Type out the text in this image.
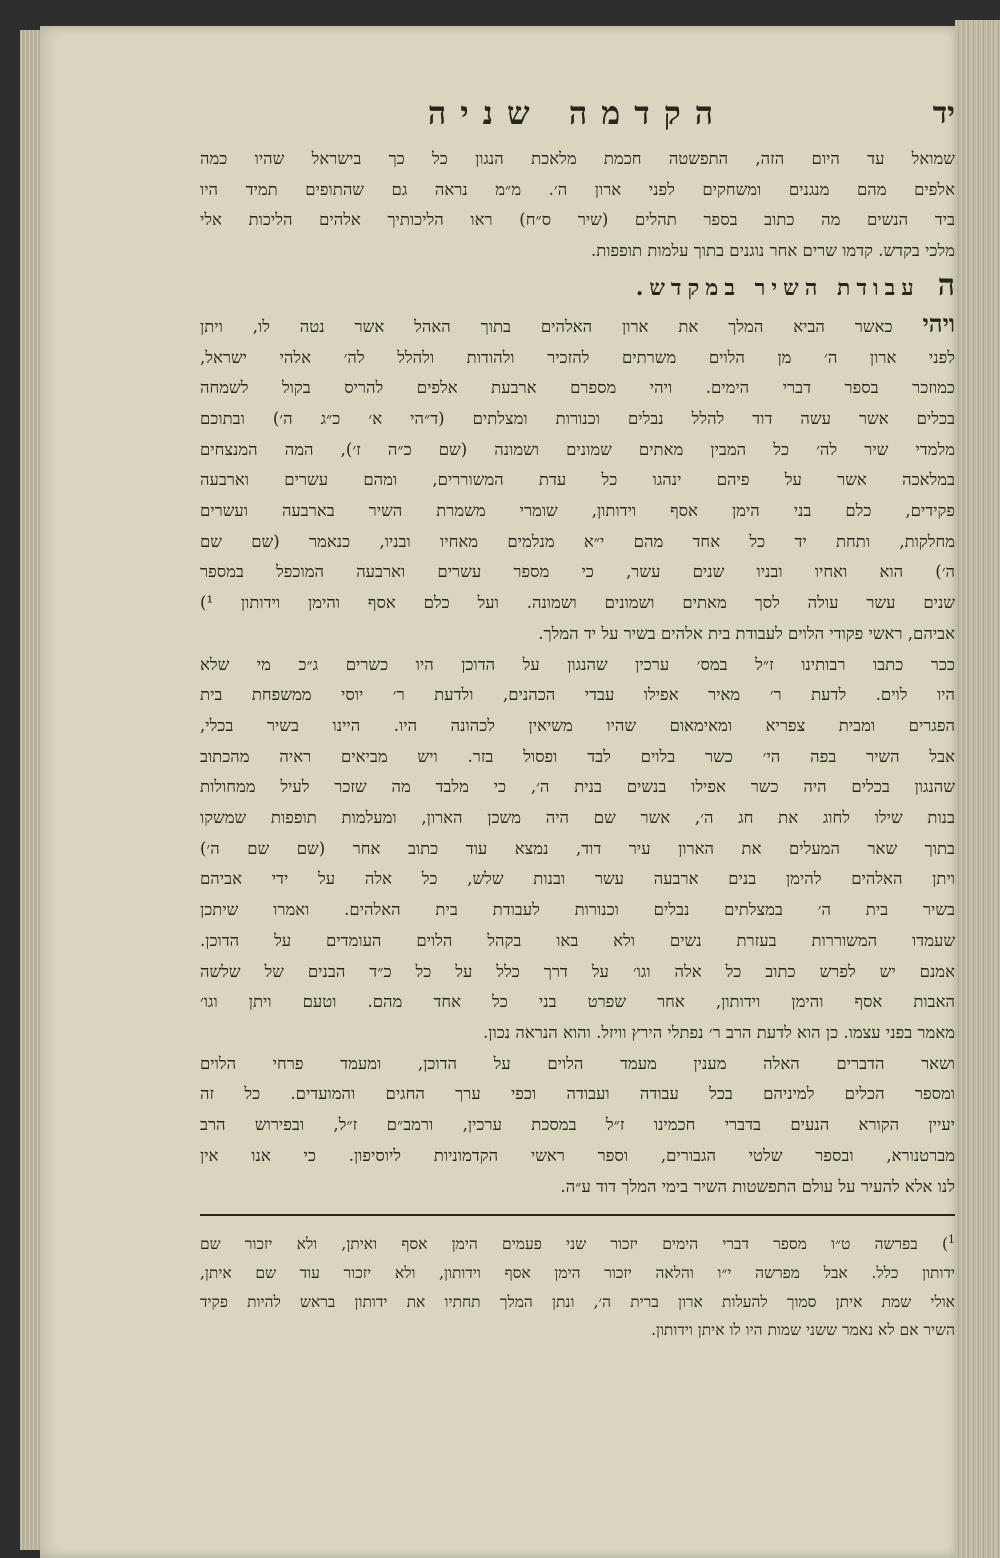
יד
הקדמה שניה
שמואל עד היום הזה, התפשטה חכמת מלאכת הנגון כל כך בישראל שהיו כמה
אלפים מהם מנגנים ומשחקים לפני ארון ה׳. מ״מ נראה גם שהתופים תמיד היו
ביד הנשים מה כתוב בספר תהלים (שיר ס״ח) ראו הליכותיך אלהים הליכות אלי
מלכי בקדש. קדמו שרים אחר נוגנים בתוך עלמות תופפות.
העבודת השיר במקדש.
ויהי כאשר הביא המלך את ארון האלהים בתוך האהל אשר נטה לו, ויתן
לפני ארון ה׳ מן הלוים משרתים להזכיר ולהודות ולהלל לה׳ אלהי ישראל,
כמוזכר בספר דברי הימים. ויהי מספרם ארבעת אלפים להריס בקול לשמחה
בכלים אשר עשה דוד להלל נבלים וכנורות ומצלתים (ד״הי א׳ כ״ג ה׳) ובתוכם
מלמדי שיר לה׳ כל המבין מאתים שמונים ושמונה (שם כ״ה ז׳), המה המנצחים
במלאכה אשר על פיהם ינהגו כל עדת המשוררים, ומהם עשרים וארבעה
פקידים, כלם בני הימן אסף וידותון, שומרי משמרת השיר בארבעה ועשרים
מחלקות, ותחת יד כל אחד מהם י״א מנלמים מאחיו ובניו, כנאמר (שם שם
ה׳) הוא ואחיו ובניו שנים עשר, כי מספר עשרים וארבעה המוכפל במספר
שנים עשר עולה לסך מאתים ושמונים ושמונה. ועל כלם אסף והימן וידותון ¹)
אביהם, ראשי פקודי הלוים לעבודת בית אלהים בשיר על יד המלך.
ככר כתבו רבותינו ז״ל במס׳ ערכין שהנגון על הדוכן היו כשרים ג״כ מי שלא
היו לוים. לדעת ר׳ מאיר אפילו עבדי הכהנים, ולדעת ר׳ יוסי ממשפחת בית
הפגרים ומבית צפריא ומאימאום שהיו משיאין לכהונה היו. היינו בשיר בכלי,
אבל השיר בפה הי׳ כשר בלוים לבד ופסול בזר. ויש מביאים ראיה מהכתוב
שהנגון בכלים היה כשר אפילו בנשים בנית ה׳, כי מלבד מה שזכר לעיל ממחולות
בנות שילו לחוג את חג ה׳, אשר שם היה משכן הארון, ומעלמות תופפות שמשקו
בתוך שאר המעלים את הארון עיר דוד, נמצא עוד כתוב אחר (שם שם ה׳)
ויתן האלהים להימן בנים ארבעה עשר ובנות שלש, כל אלה על ידי אביהם
בשיר בית ה׳ במצלתים נבלים וכנורות לעבודת בית האלהים. ואמרו שיתכן
שעמדו המשוררות בעזרת נשים ולא באו בקהל הלוים העומדים על הדוכן.
אמנם יש לפרש כתוב כל אלה וגו׳ על דרך כלל על כל כ״ד הבנים של שלשה
האבות אסף והימן וידותון, אחר שפרט בני כל אחד מהם. וטעם ויתן וגו׳
מאמר בפני עצמו. כן הוא לדעת הרב ר׳ נפתלי הירץ וויזל. והוא הנראה נכון.
ושאר הדברים האלה מענין מעמד הלוים על הדוכן, ומעמד פרחי הלוים
ומספר הכלים למיניהם בכל עבודה ועבודה וכפי ערך החגים והמועדים. כל זה
יעיין הקורא הנעים בדברי חכמינו ז״ל במסכת ערכין, ורמב״ם ז״ל, ובפירוש הרב
מברטנורא, ובספר שלטי הגבורים, וספר ראשי הקדמוניות ליוסיפון. כי אנו אין
לנו אלא להעיר על עולם התפשטות השיר בימי המלך דוד ע״ה.
$^1$) בפרשה ט״ו מספר דברי הימים יזכור שני פעמים הימן אסף ואיתן, ולא יזכור שם
ידותון כלל. אבל מפרשה י״ו והלאה יזכור הימן אסף וידותון, ולא יזכור עוד שם איתן,
אולי שמת איתן סמוך להעלות ארון ברית ה׳, ונתן המלך תחתיו את ידותון בראש להיות פקיד
השיר אם לא נאמר ששני שמות היו לו איתן וידותון.
